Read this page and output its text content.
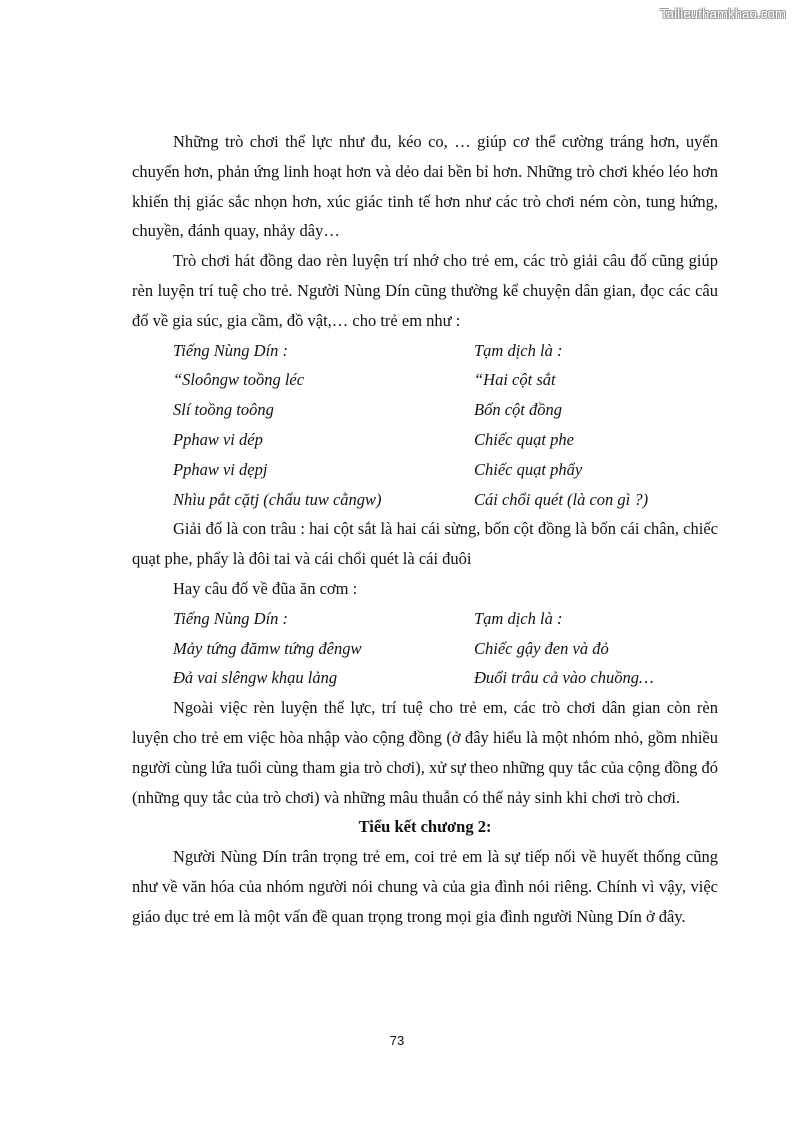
Tailieuthamkhao.com

Những trò chơi thể lực như đu, kéo co, … giúp cơ thể cường tráng hơn, uyển chuyển hơn, phản ứng linh hoạt hơn và dẻo dai bền bỉ hơn. Những trò chơi khéo léo hơn khiến thị giác sắc nhọn hơn, xúc giác tinh tế hơn như các trò chơi ném còn, tung hứng, chuyền, đánh quay, nhảy dây…

Trò chơi hát đồng dao rèn luyện trí nhớ cho trẻ em, các trò giải câu đố cũng giúp rèn luyện trí tuệ cho trẻ. Người Nùng Dín cũng thường kể chuyện dân gian, đọc các câu đố về gia súc, gia cầm, đồ vật,… cho trẻ em như :

Tiếng Nùng Dín :	Tạm dịch là :
“Sloôngw toồng léc	“Hai cột sắt
Slí toồng toông	Bốn cột đồng
Pphaw vi dép	Chiếc quạt phe
Pphaw vi dẹpj	Chiếc quạt phẩy
Nhìu pắt cặtj (chẩu tuw cằngw)	Cái chổi quét (là con gì ?)

Giải đố là con trâu : hai cột sắt là hai cái sừng, bốn cột đồng là bốn cái chân, chiếc quạt phe, phẩy là đôi tai và cái chổi quét là cái đuôi

Hay câu đố về đũa ăn cơm :

Tiếng Nùng Dín :	Tạm dịch là :
Mảy tứng đămw tứng đêngw	Chiếc gậy đen và đỏ
Đả vai slêngw khạu lảng	Đuổi trâu cả vào chuồng…

Ngoài việc rèn luyện thể lực, trí tuệ cho trẻ em, các trò chơi dân gian còn rèn luyện cho trẻ em việc hòa nhập vào cộng đồng (ở đây hiểu là một nhóm nhỏ, gồm nhiều người cùng lứa tuổi cùng tham gia trò chơi), xử sự theo những quy tắc của cộng đồng đó (những quy tắc của trò chơi) và những mâu thuẫn có thể nảy sinh khi chơi trò chơi.

Tiểu kết chương 2:

Người Nùng Dín trân trọng trẻ em, coi trẻ em là sự tiếp nối về huyết thống cũng như về văn hóa của nhóm người nói chung và của gia đình nói riêng. Chính vì vậy, việc giáo dục trẻ em là một vấn đề quan trọng trong mọi gia đình người Nùng Dín ở đây.

73
